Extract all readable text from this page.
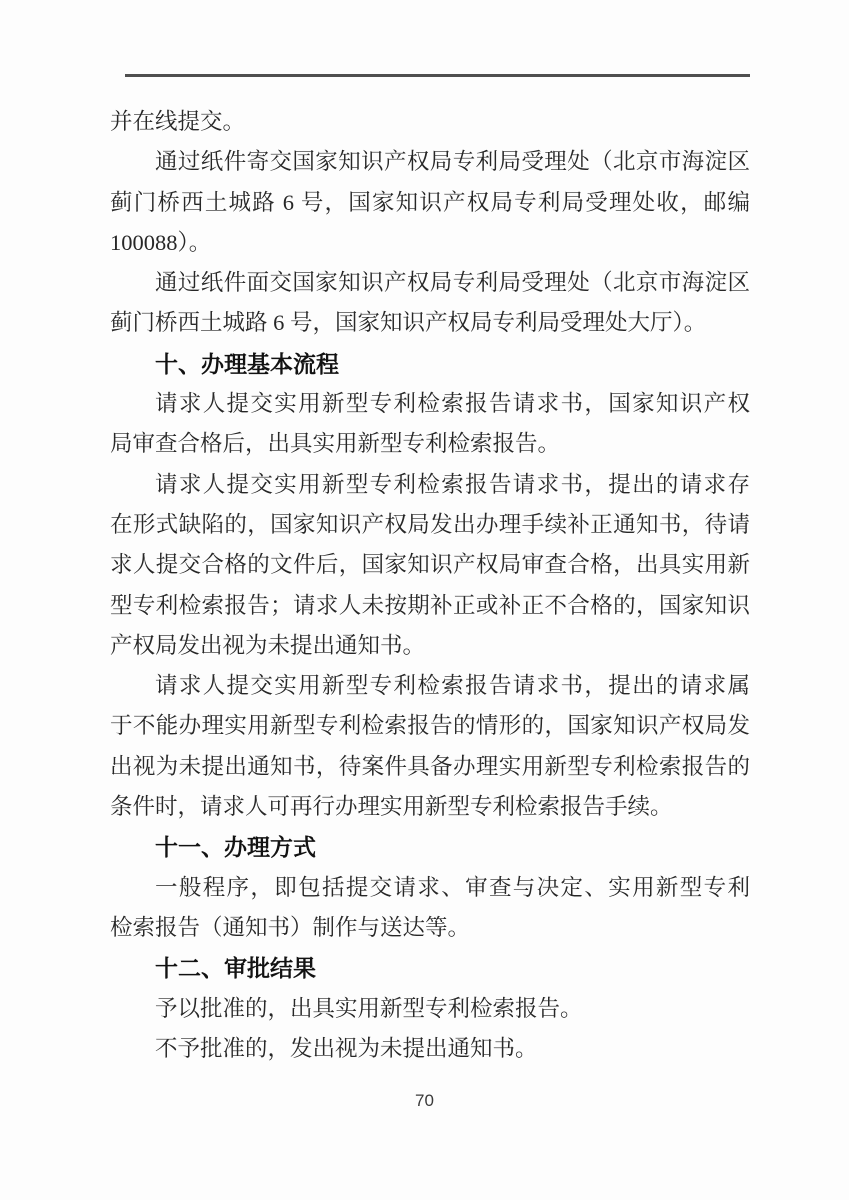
并在线提交。
通过纸件寄交国家知识产权局专利局受理处（北京市海淀区
蓟门桥西土城路 6 号，国家知识产权局专利局受理处收，邮编
100088）。
通过纸件面交国家知识产权局专利局受理处（北京市海淀区
蓟门桥西土城路 6 号，国家知识产权局专利局受理处大厅）。
十、办理基本流程
请求人提交实用新型专利检索报告请求书，国家知识产权
局审查合格后，出具实用新型专利检索报告。
请求人提交实用新型专利检索报告请求书，提出的请求存
在形式缺陷的，国家知识产权局发出办理手续补正通知书，待请
求人提交合格的文件后，国家知识产权局审查合格，出具实用新
型专利检索报告；请求人未按期补正或补正不合格的，国家知识
产权局发出视为未提出通知书。
请求人提交实用新型专利检索报告请求书，提出的请求属
于不能办理实用新型专利检索报告的情形的，国家知识产权局发
出视为未提出通知书，待案件具备办理实用新型专利检索报告的
条件时，请求人可再行办理实用新型专利检索报告手续。
十一、办理方式
一般程序，即包括提交请求、审查与决定、实用新型专利
检索报告（通知书）制作与送达等。
十二、审批结果
予以批准的，出具实用新型专利检索报告。
不予批准的，发出视为未提出通知书。
70
